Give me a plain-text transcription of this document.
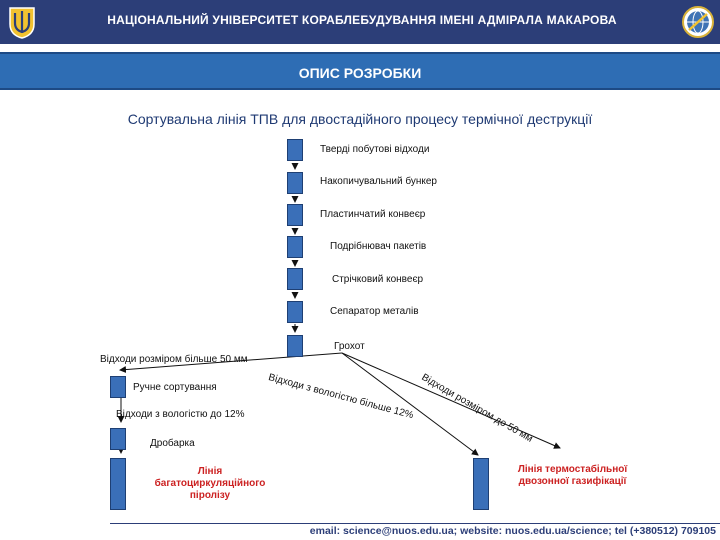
НАЦІОНАЛЬНИЙ УНІВЕРСИТЕТ КОРАБЛЕБУДУВАННЯ ІМЕНІ АДМІРАЛА МАКАРОВА
ОПИС РОЗРОБКИ
Сортувальна лінія ТПВ для двостадійного процесу термічної деструкції
Тверді побутові відходи
Накопичувальний бункер
Пластинчатий конвеєр
Подрібнювач пакетів
Стрічковий конвеєр
Сепаратор металів
Грохот
Відходи розміром більше 50 мм
Ручне сортування
Відходи з вологістю до 12%
Дробарка
Лінія
багатоциркуляційного
піролізу
Відходи з вологістю більше 12% Відходи розміром до 50 мм
Лінія термостабільної
двозонної газифікації
email: science@nuos.edu.ua; website: nuos.edu.ua/science; tel (+380512) 709105
